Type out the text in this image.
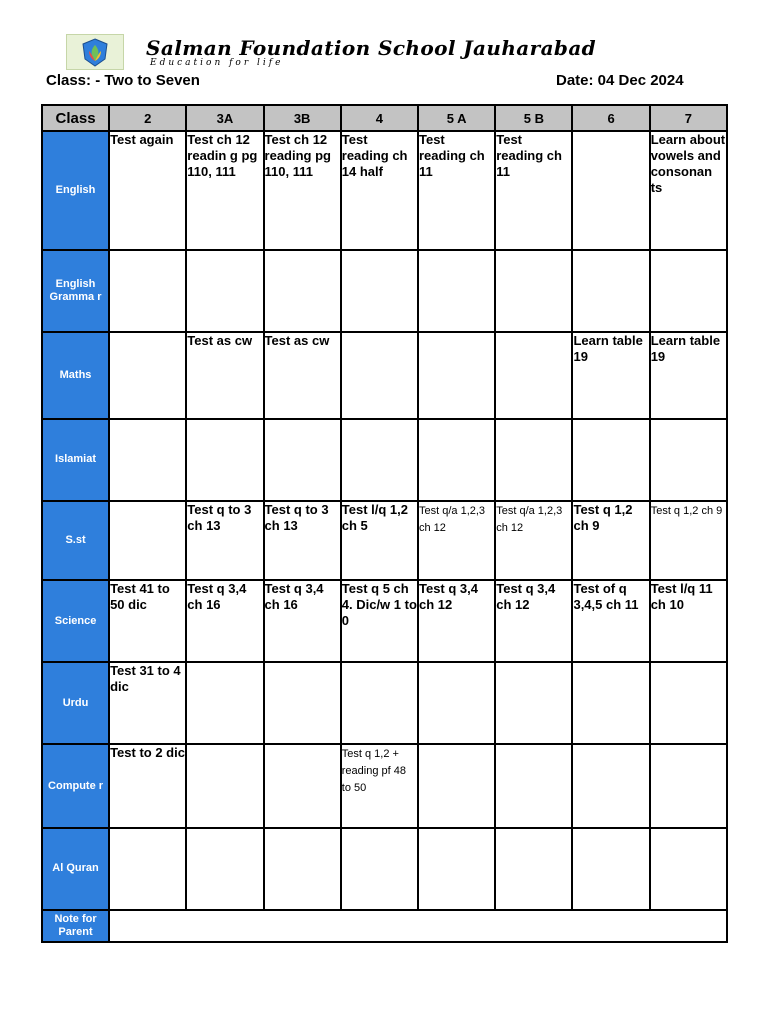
Salman Foundation School Jauharabad
Education for life
Class: - Two to Seven	Date: 04 Dec 2024
Class	2	3A	3B	4	5 A	5 B	6	7
English	Test again	Test ch 12 readin g pg 110, 111	Test ch 12 reading pg 110, 111	Test reading ch 14 half	Test reading ch 11	Test reading ch 11		Learn about vowels and consonan ts
English Gramma r								
Maths		Test as cw	Test as cw				Learn table 19	Learn table 19
Islamiat								
S.st		Test q to 3 ch 13	Test q to 3 ch 13	Test l/q 1,2 ch 5	Test q/a 1,2,3 ch 12	Test q/a 1,2,3 ch 12	Test q 1,2 ch 9	Test q 1,2 ch 9
Science	Test 41 to 50 dic	Test q 3,4 ch 16	Test q 3,4 ch 16	Test q 5 ch 4. Dic/w 1 to 0	Test q 3,4 ch 12	Test q 3,4 ch 12	Test of q 3,4,5 ch 11	Test l/q 11 ch 10
Urdu	Test 31 to 4 dic							
Compute r	Test to 2 dic			Test q 1,2 + reading pf 48 to 50				
Al Quran								
Note for Parent								
